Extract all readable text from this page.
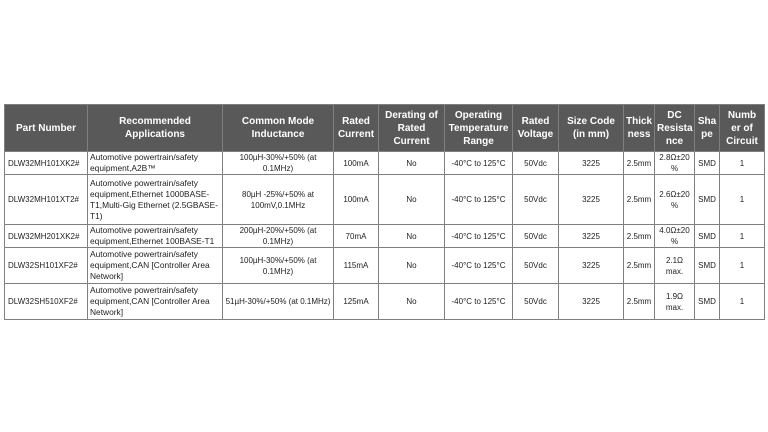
Part Number	Recommended Applications	Common Mode Inductance	Rated Current	Derating of Rated Current	Operating Temperature Range	Rated Voltage	Size Code (in mm)	Thick ness	DC Resista nce	Sha pe	Numb er of Circuit
DLW32MH101XK2#	Automotive powertrain/safety equipment,A2B™	100µH-30%/+50% (at 0.1MHz)	100mA	No	-40°C to 125°C	50Vdc	3225	2.5mm	2.8Ω±20 %	SMD	1
DLW32MH101XT2#	Automotive powertrain/safety equipment,Ethernet 1000BASE-T1,Multi-Gig Ethernet (2.5GBASE-T1)	80µH -25%/+50% at 100mV,0.1MHz	100mA	No	-40°C to 125°C	50Vdc	3225	2.5mm	2.6Ω±20 %	SMD	1
DLW32MH201XK2#	Automotive powertrain/safety equipment,Ethernet 100BASE-T1	200µH-20%/+50% (at 0.1MHz)	70mA	No	-40°C to 125°C	50Vdc	3225	2.5mm	4.0Ω±20 %	SMD	1
DLW32SH101XF2#	Automotive powertrain/safety equipment,CAN [Controller Area Network]	100µH-30%/+50% (at 0.1MHz)	115mA	No	-40°C to 125°C	50Vdc	3225	2.5mm	2.1Ω max.	SMD	1
DLW32SH510XF2#	Automotive powertrain/safety equipment,CAN [Controller Area Network]	51µH-30%/+50% (at 0.1MHz)	125mA	No	-40°C to 125°C	50Vdc	3225	2.5mm	1.9Ω max.	SMD	1
